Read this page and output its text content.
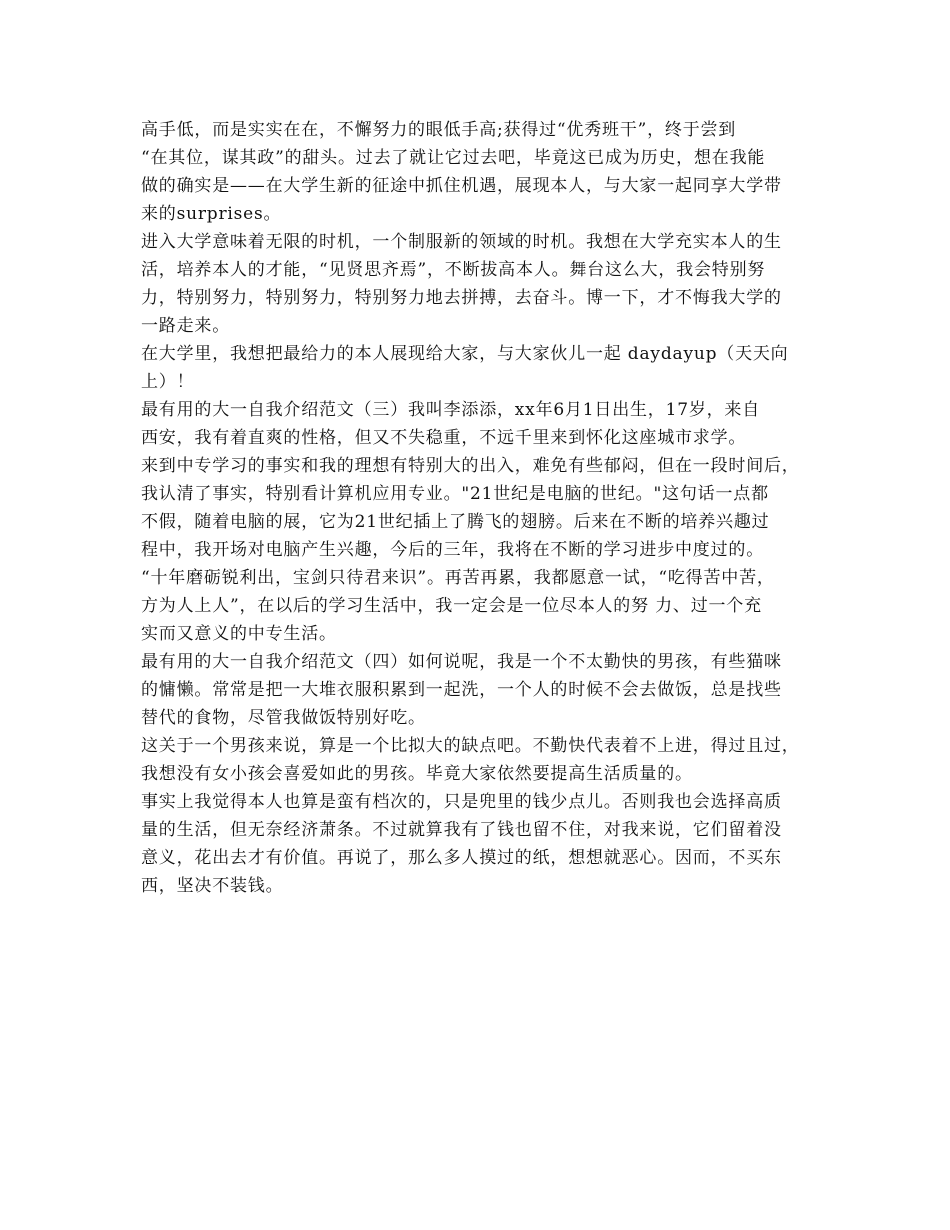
高手低，而是实实在在，不懈努力的眼低手高;获得过“优秀班干”，终于尝到
“在其位，谋其政”的甜头。过去了就让它过去吧，毕竟这已成为历史，想在我能
做的确实是——在大学生新的征途中抓住机遇，展现本人，与大家一起同享大学带
来的surprises。
进入大学意味着无限的时机，一个制服新的领域的时机。我想在大学充实本人的生
活，培养本人的才能，“见贤思齐焉”，不断拔高本人。舞台这么大，我会特别努
力，特别努力，特别努力，特别努力地去拼搏，去奋斗。博一下，才不悔我大学的
一路走来。
在大学里，我想把最给力的本人展现给大家，与大家伙儿一起 daydayup（天天向
上）！
最有用的大一自我介绍范文（三）我叫李添添，xx年6月1日出生，17岁，来自
西安，我有着直爽的性格，但又不失稳重，不远千里来到怀化这座城市求学。
来到中专学习的事实和我的理想有特别大的出入，难免有些郁闷，但在一段时间后，
我认清了事实，特别看计算机应用专业。"21世纪是电脑的世纪。"这句话一点都
不假，随着电脑的展，它为21世纪插上了腾飞的翅膀。后来在不断的培养兴趣过
程中，我开场对电脑产生兴趣，今后的三年，我将在不断的学习进步中度过的。
“十年磨砺锐利出，宝剑只待君来识”。再苦再累，我都愿意一试，“吃得苦中苦，
方为人上人”，在以后的学习生活中，我一定会是一位尽本人的努 力、过一个充
实而又意义的中专生活。
最有用的大一自我介绍范文（四）如何说呢，我是一个不太勤快的男孩，有些猫咪
的慵懒。常常是把一大堆衣服积累到一起洗，一个人的时候不会去做饭，总是找些
替代的食物，尽管我做饭特别好吃。
这关于一个男孩来说，算是一个比拟大的缺点吧。不勤快代表着不上进，得过且过，
我想没有女小孩会喜爱如此的男孩。毕竟大家依然要提高生活质量的。
事实上我觉得本人也算是蛮有档次的，只是兜里的钱少点儿。否则我也会选择高质
量的生活，但无奈经济萧条。不过就算我有了钱也留不住，对我来说，它们留着没
意义，花出去才有价值。再说了，那么多人摸过的纸，想想就恶心。因而，不买东
西，坚决不装钱。
